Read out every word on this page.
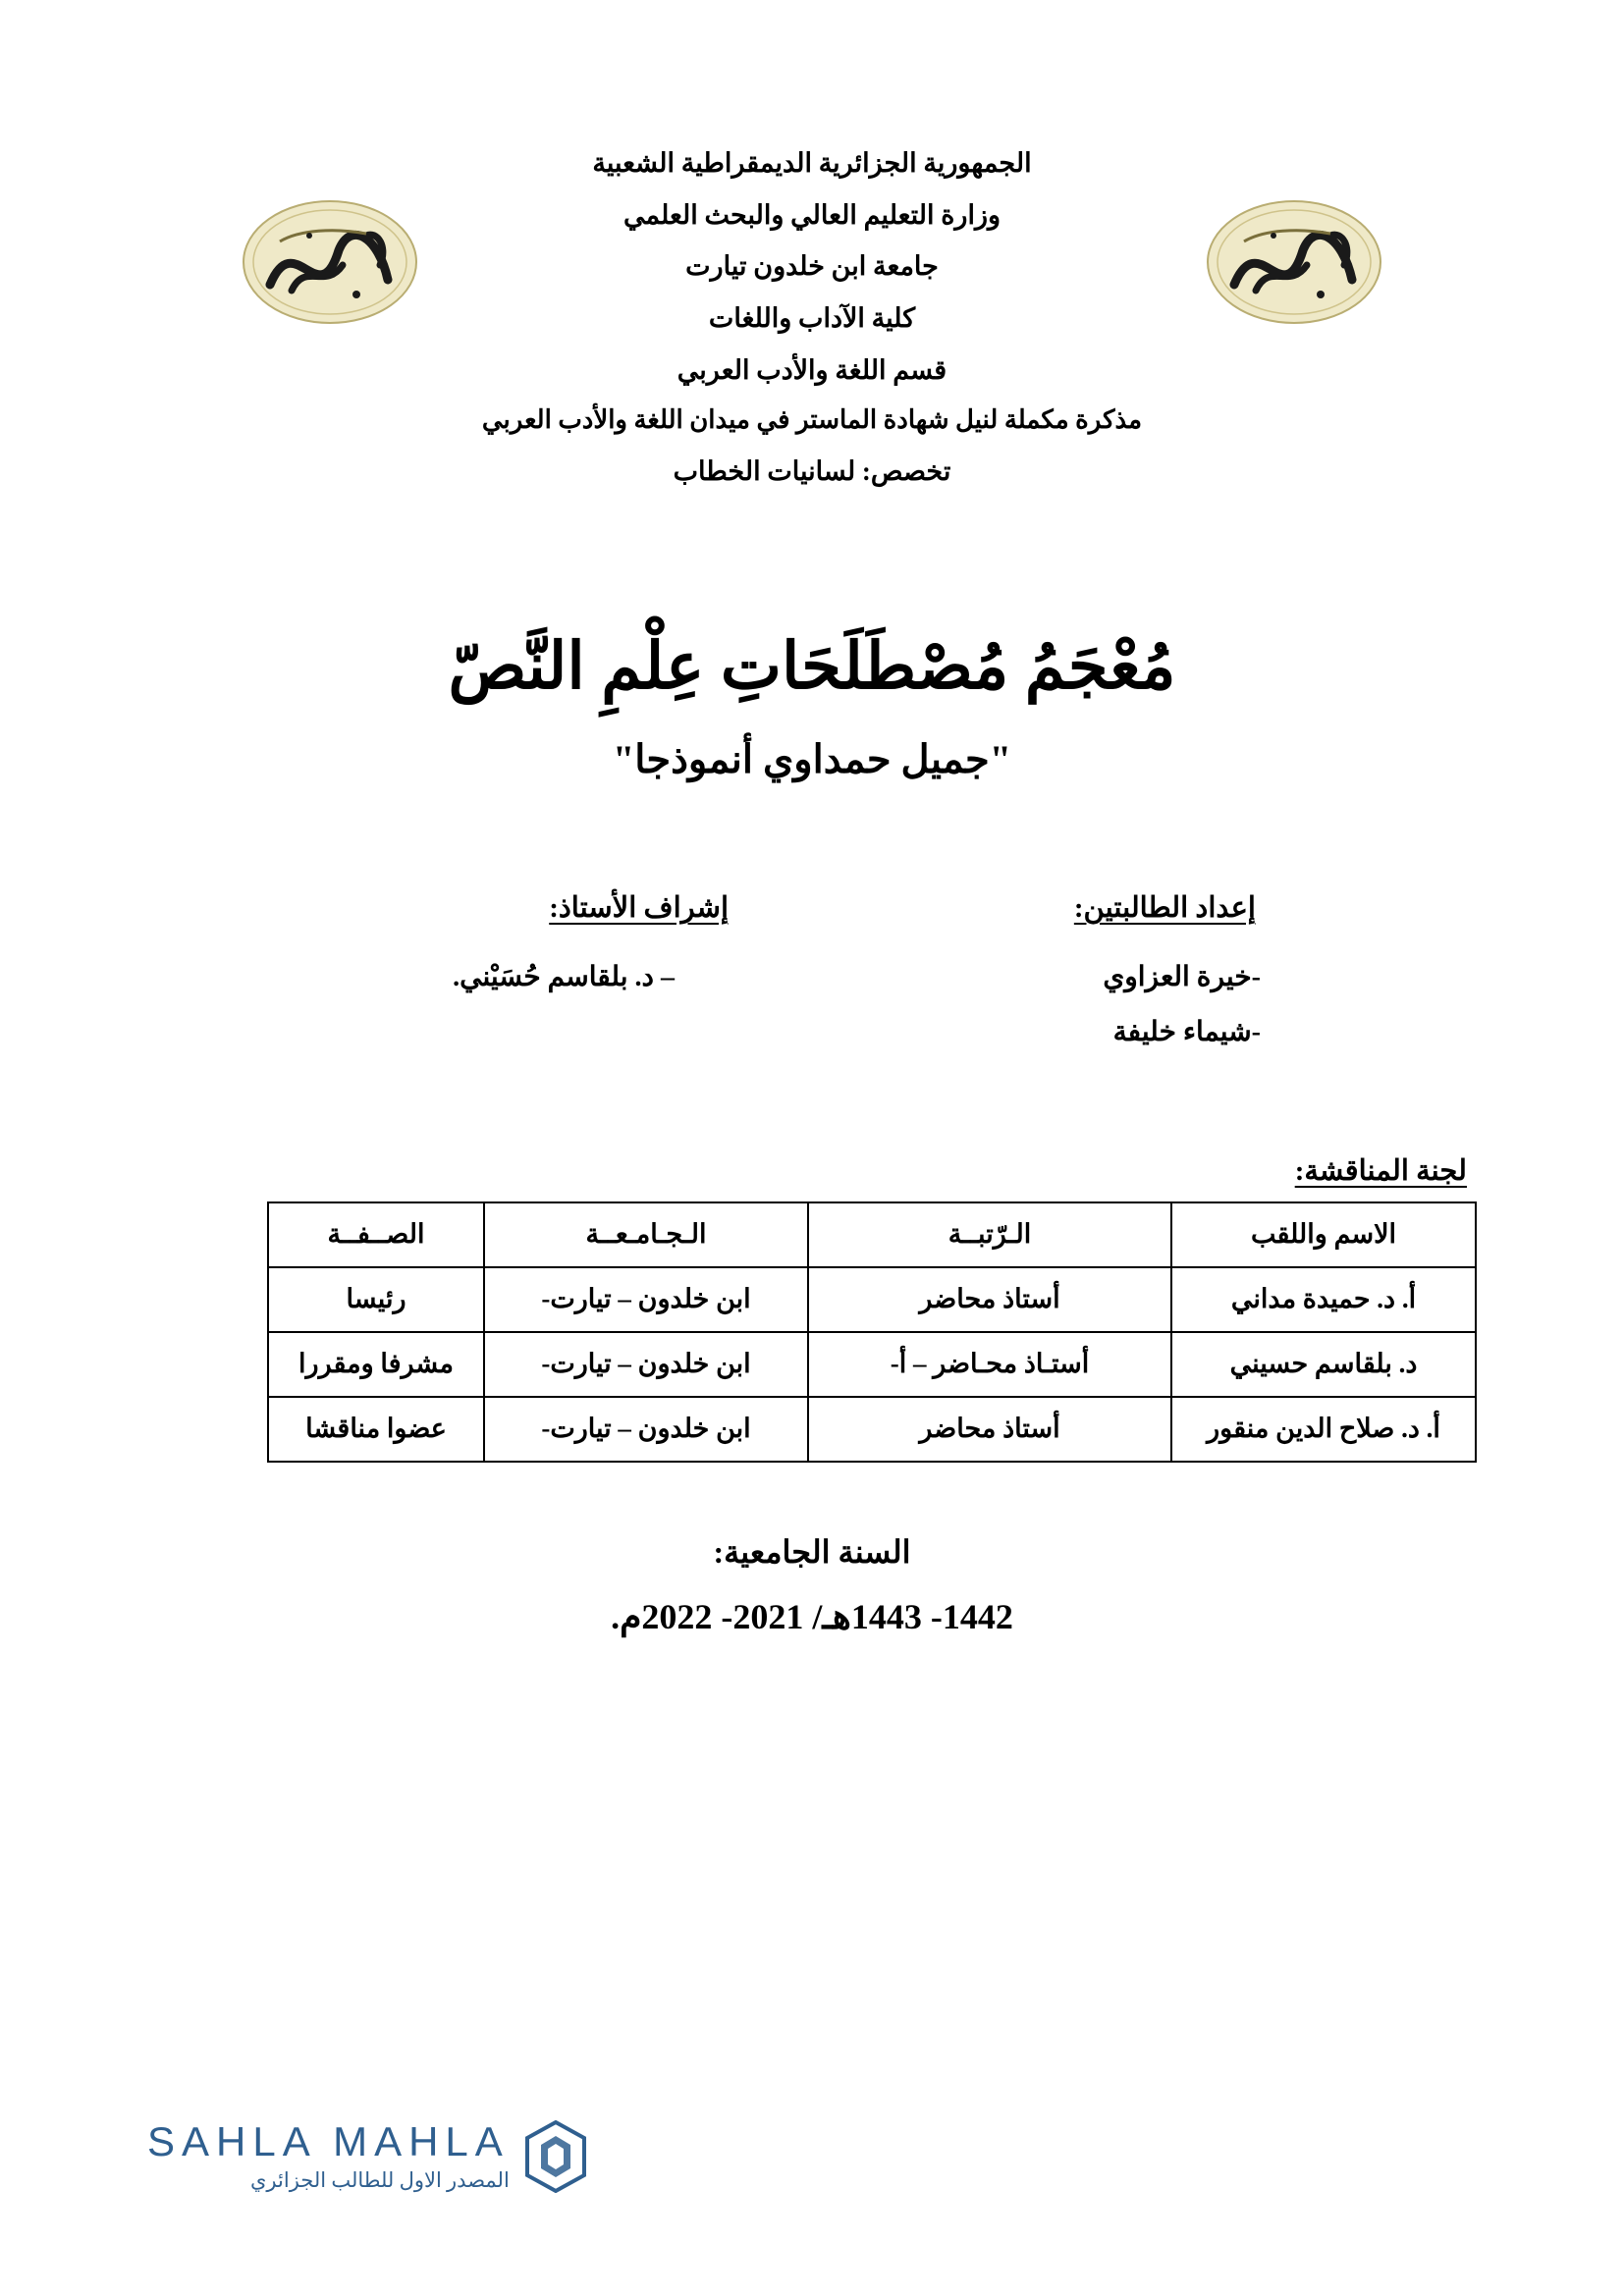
الجمهورية الجزائرية الديمقراطية الشعبية
وزارة التعليم العالي والبحث العلمي
جامعة ابن خلدون تيارت
كلية الآداب واللغات
قسم اللغة والأدب العربي
مذكرة مكملة لنيل شهادة الماستر في ميدان اللغة والأدب العربي
تخصص: لسانيات الخطاب
مُعْجَمُ مُصْطَلَحَاتِ عِلْمِ النَّصّ
"جميل حمداوي أنموذجا"
إعداد الطالبتين:
-خيرة العزاوي
-شيماء خليفة
إشراف الأستاذ:
– د. بلقاسم حُسَيْني.
لجنة المناقشة:
الاسم واللقب	الـرّتبــة	الـجـامـعــة	الصــفــة
أ. د. حميدة مداني	أستاذ محاضر	ابن خلدون – تيارت-	رئيسا
د. بلقاسم حسيني	أستـاذ محـاضر – أ-	ابن خلدون – تيارت-	مشرفا ومقررا
أ. د. صلاح الدين منقور	أستاذ محاضر	ابن خلدون – تيارت-	عضوا مناقشا
السنة الجامعية:
1442- 1443هـ/ 2021- 2022م.
SAHLA MAHLA
المصدر الاول للطالب الجزائري
